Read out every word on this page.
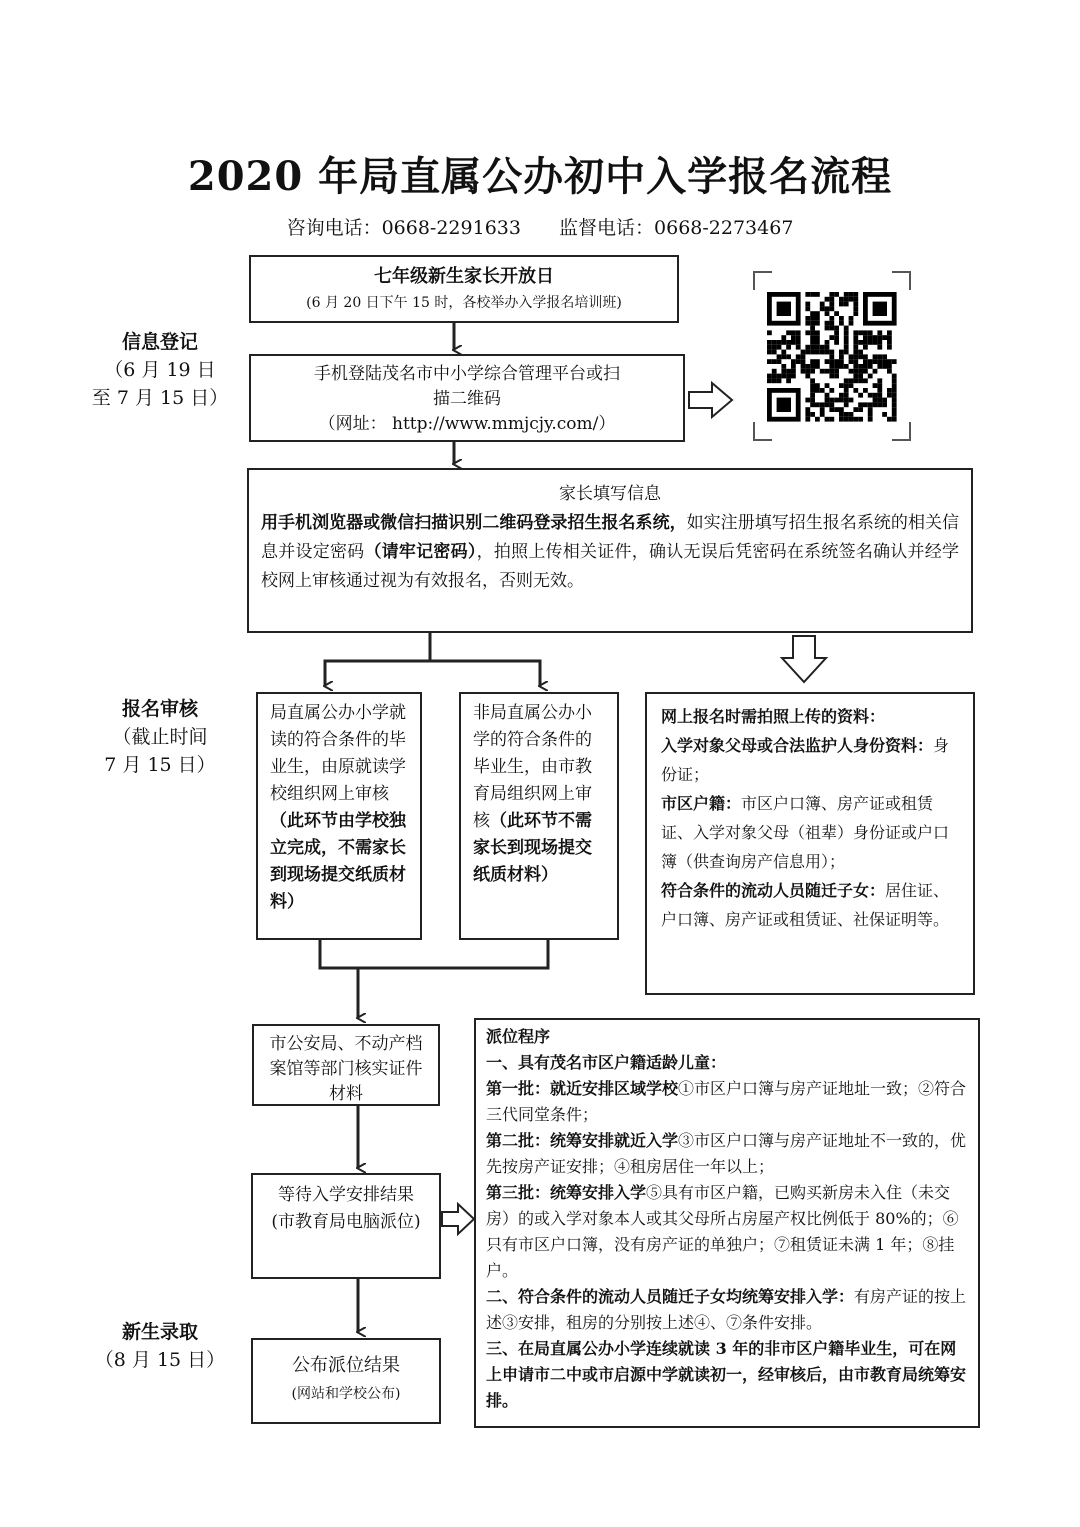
2020 年局直属公办初中入学报名流程
咨询电话：0668-2291633 监督电话：0668-2273467
信息登记
（6 月 19 日
至 7 月 15 日）
报名审核
（截止时间
7 月 15 日）
新生录取
（8 月 15 日）
七年级新生家长开放日
(6 月 20 日下午 15 时，各校举办入学报名培训班)
手机登陆茂名市中小学综合管理平台或扫
描二维码
（网址： http://www.mmjcjy.com/）
家长填写信息
用手机浏览器或微信扫描识别二维码登录招生报名系统，如实注册填写招生报名系统的相关信息并设定密码（请牢记密码），拍照上传相关证件，确认无误后凭密码在系统签名确认并经学校网上审核通过视为有效报名，否则无效。
局直属公办小学就读的符合条件的毕业生，由原就读学校组织网上审核（此环节由学校独立完成，不需家长到现场提交纸质材料）
非局直属公办小学的符合条件的毕业生，由市教育局组织网上审核（此环节不需家长到现场提交纸质材料）
网上报名时需拍照上传的资料：
入学对象父母或合法监护人身份资料：身份证；
市区户籍：市区户口簿、房产证或租赁证、入学对象父母（祖辈）身份证或户口簿（供查询房产信息用）；
符合条件的流动人员随迁子女：居住证、户口簿、房产证或租赁证、社保证明等。
市公安局、不动产档案馆等部门核实证件材料
等待入学安排结果
(市教育局电脑派位)
公布派位结果
(网站和学校公布)
派位程序
一、具有茂名市区户籍适龄儿童：
第一批：就近安排区域学校①市区户口簿与房产证地址一致；②符合三代同堂条件；
第二批：统筹安排就近入学③市区户口簿与房产证地址不一致的，优先按房产证安排；④租房居住一年以上；
第三批：统筹安排入学⑤具有市区户籍，已购买新房未入住（未交房）的或入学对象本人或其父母所占房屋产权比例低于 80%的；⑥只有市区户口簿，没有房产证的单独户；⑦租赁证未满 1 年；⑧挂户。
二、符合条件的流动人员随迁子女均统筹安排入学：有房产证的按上述③安排，租房的分别按上述④、⑦条件安排。
三、在局直属公办小学连续就读 3 年的非市区户籍毕业生，可在网上申请市二中或市启源中学就读初一，经审核后，由市教育局统筹安排。
